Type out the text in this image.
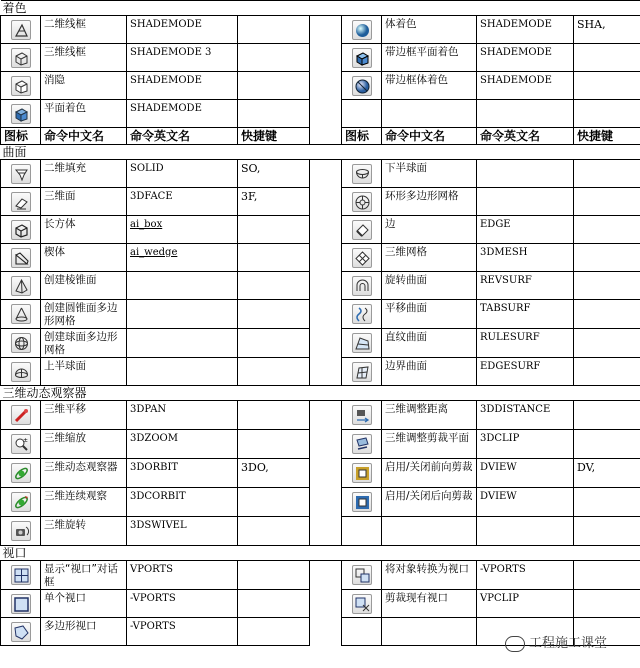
着色								

	二维线框	SHADEMODE				体着色	SHADEMODE	SHA,

	三维线框	SHADEMODE 3				带边框平面着色	SHADEMODE	

	消隐	SHADEMODE				带边框体着色	SHADEMODE	

	平面着色	SHADEMODE						
图标	命令中文名	命令英文名	快捷键		图标	命令中文名	命令英文名	快捷键
曲面								

	二维填充	SOLID	SO,			下半球面		

	三维面	3DFACE	3F,			环形多边形网格		

	长方体	ai_box				边	EDGE	

	楔体	ai_wedge				三维网格	3DMESH	

	创建棱锥面					旋转曲面	REVSURF	

	创建圆锥面多边形网格					平移曲面	TABSURF	

	创建球面多边形网格					直纹曲面	RULESURF	

	上半球面					边界曲面	EDGESURF	
三维动态观察器								

	三维平移	3DPAN				三维调整距离	3DDISTANCE	

±	三维缩放	3DZOOM				三维调整剪裁平面	3DCLIP	

	三维动态观察器	3DORBIT	3DO,			启用/关闭前向剪裁	DVIEW	DV,

	三维连续观察	3DCORBIT				启用/关闭后向剪裁	DVIEW	

	三维旋转	3DSWIVEL						
视口								

	显示“视口”对话框	VPORTS				将对象转换为视口	-VPORTS	

	单个视口	-VPORTS				剪裁现有视口	VPCLIP	

	多边形视口	-VPORTS						
工程施工课堂
